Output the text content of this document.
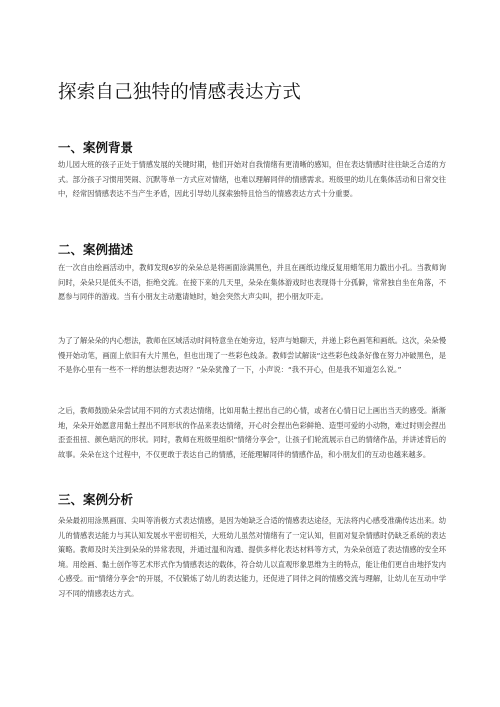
探索自己独特的情感表达方式
一、案例背景

幼儿园大班的孩子正处于情感发展的关键时期，他们开始对自我情绪有更清晰的感知，但在表达情感时往往缺乏合适的方式。部分孩子习惯用哭闹、沉默等单一方式应对情绪，也难以理解同伴的情感需求。班级里的幼儿在集体活动和日常交往中，经常因情感表达不当产生矛盾，因此引导幼儿探索独特且恰当的情感表达方式十分重要。

二、案例描述

在一次自由绘画活动中，教师发现6岁的朵朵总是将画面涂满黑色，并且在画纸边缘反复用蜡笔用力戳出小孔。当教师询问时，朵朵只是低头不语，拒绝交流。在接下来的几天里，朵朵在集体游戏时也表现得十分孤僻，常常独自坐在角落，不愿参与同伴的游戏。当有小朋友主动邀请她时，她会突然大声尖叫，把小朋友吓走。

为了了解朵朵的内心想法，教师在区域活动时间特意坐在她旁边，轻声与她聊天，并递上彩色画笔和画纸。这次，朵朵慢慢开始动笔，画面上依旧有大片黑色，但也出现了一些彩色线条。教师尝试解读“这些彩色线条好像在努力冲破黑色，是不是你心里有一些不一样的想法想表达呀？”朵朵犹豫了一下，小声说：“我不开心，但是我不知道怎么说。”

之后，教师鼓励朵朵尝试用不同的方式表达情绪，比如用黏土捏出自己的心情，或者在心情日记上画出当天的感受。渐渐地，朵朵开始愿意用黏土捏出不同形状的作品来表达情绪，开心时会捏出色彩鲜艳、造型可爱的小动物，难过时则会捏出歪歪扭扭、颜色暗沉的形状。同时，教师在班级里组织“情绪分享会”，让孩子们轮流展示自己的情绪作品，并讲述背后的故事。朵朵在这个过程中，不仅更敢于表达自己的情感，还能理解同伴的情感作品，和小朋友们的互动也越来越多。

三、案例分析

朵朵最初用涂黑画面、尖叫等消极方式表达情感，是因为她缺乏合适的情感表达途径，无法将内心感受准确传达出来。幼儿的情感表达能力与其认知发展水平密切相关，大班幼儿虽然对情绪有了一定认知，但面对复杂情感时仍缺乏系统的表达策略。教师及时关注到朵朵的异常表现，并通过温和沟通、提供多样化表达材料等方式，为朵朵创造了表达情感的安全环境。用绘画、黏土创作等艺术形式作为情感表达的载体，符合幼儿以直观形象思维为主的特点，能让他们更自由地抒发内心感受。而“情绪分享会”的开展，不仅锻炼了幼儿的表达能力，还促进了同伴之间的情感交流与理解，让幼儿在互动中学习不同的情感表达方式。
